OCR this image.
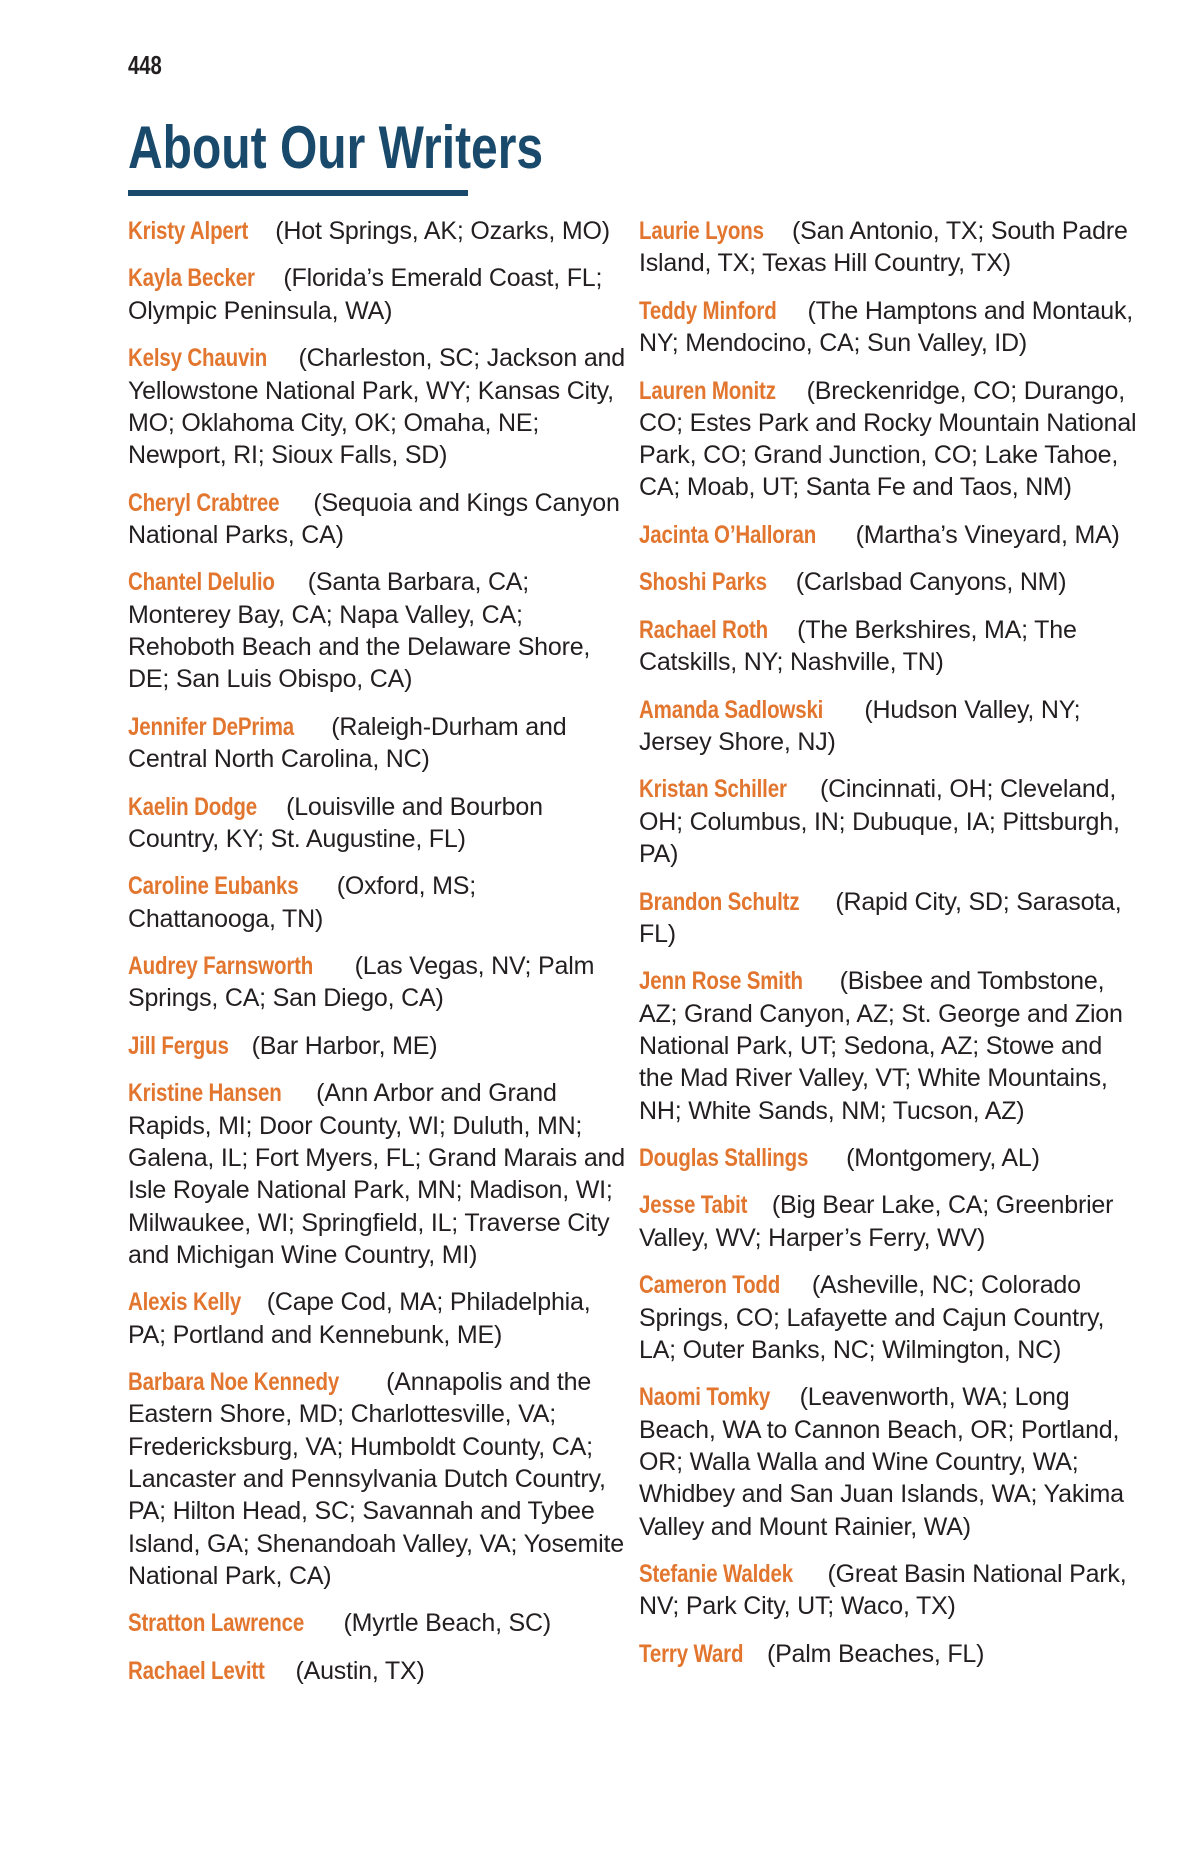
448
About Our Writers

Kristy Alpert (Hot Springs, AK; Ozarks, MO)

Kayla Becker (Florida’s Emerald Coast, FL; Olympic Peninsula, WA)

Kelsy Chauvin (Charleston, SC; Jackson and Yellowstone National Park, WY; Kansas City, MO; Oklahoma City, OK; Omaha, NE; Newport, RI; Sioux Falls, SD)

Cheryl Crabtree (Sequoia and Kings Canyon National Parks, CA)

Chantel Delulio (Santa Barbara, CA; Monterey Bay, CA; Napa Valley, CA; Rehoboth Beach and the Delaware Shore, DE; San Luis Obispo, CA)

Jennifer DePrima (Raleigh-Durham and Central North Carolina, NC)

Kaelin Dodge (Louisville and Bourbon Country, KY; St. Augustine, FL)

Caroline Eubanks (Oxford, MS; Chattanooga, TN)

Audrey Farnsworth (Las Vegas, NV; Palm Springs, CA; San Diego, CA)

Jill Fergus (Bar Harbor, ME)

Kristine Hansen (Ann Arbor and Grand Rapids, MI; Door County, WI; Duluth, MN; Galena, IL; Fort Myers, FL; Grand Marais and Isle Royale National Park, MN; Madison, WI; Milwaukee, WI; Springfield, IL; Traverse City and Michigan Wine Country, MI)

Alexis Kelly (Cape Cod, MA; Philadelphia, PA; Portland and Kennebunk, ME)

Barbara Noe Kennedy (Annapolis and the Eastern Shore, MD; Charlottesville, VA; Fredericksburg, VA; Humboldt County, CA; Lancaster and Pennsylvania Dutch Country, PA; Hilton Head, SC; Savannah and Tybee Island, GA; Shenandoah Valley, VA; Yosemite National Park, CA)

Stratton Lawrence (Myrtle Beach, SC)

Rachael Levitt (Austin, TX)

Laurie Lyons (San Antonio, TX; South Padre Island, TX; Texas Hill Country, TX)

Teddy Minford (The Hamptons and Montauk, NY; Mendocino, CA; Sun Valley, ID)

Lauren Monitz (Breckenridge, CO; Durango, CO; Estes Park and Rocky Mountain National Park, CO; Grand Junction, CO; Lake Tahoe, CA; Moab, UT; Santa Fe and Taos, NM)

Jacinta O’Halloran (Martha’s Vineyard, MA)

Shoshi Parks (Carlsbad Canyons, NM)

Rachael Roth (The Berkshires, MA; The Catskills, NY; Nashville, TN)

Amanda Sadlowski (Hudson Valley, NY; Jersey Shore, NJ)

Kristan Schiller (Cincinnati, OH; Cleveland, OH; Columbus, IN; Dubuque, IA; Pittsburgh, PA)

Brandon Schultz (Rapid City, SD; Sarasota, FL)

Jenn Rose Smith (Bisbee and Tombstone, AZ; Grand Canyon, AZ; St. George and Zion National Park, UT; Sedona, AZ; Stowe and the Mad River Valley, VT; White Mountains, NH; White Sands, NM; Tucson, AZ)

Douglas Stallings (Montgomery, AL)

Jesse Tabit (Big Bear Lake, CA; Greenbrier Valley, WV; Harper’s Ferry, WV)

Cameron Todd (Asheville, NC; Colorado Springs, CO; Lafayette and Cajun Country, LA; Outer Banks, NC; Wilmington, NC)

Naomi Tomky (Leavenworth, WA; Long Beach, WA to Cannon Beach, OR; Portland, OR; Walla Walla and Wine Country, WA; Whidbey and San Juan Islands, WA; Yakima Valley and Mount Rainier, WA)

Stefanie Waldek (Great Basin National Park, NV; Park City, UT; Waco, TX)

Terry Ward (Palm Beaches, FL)
